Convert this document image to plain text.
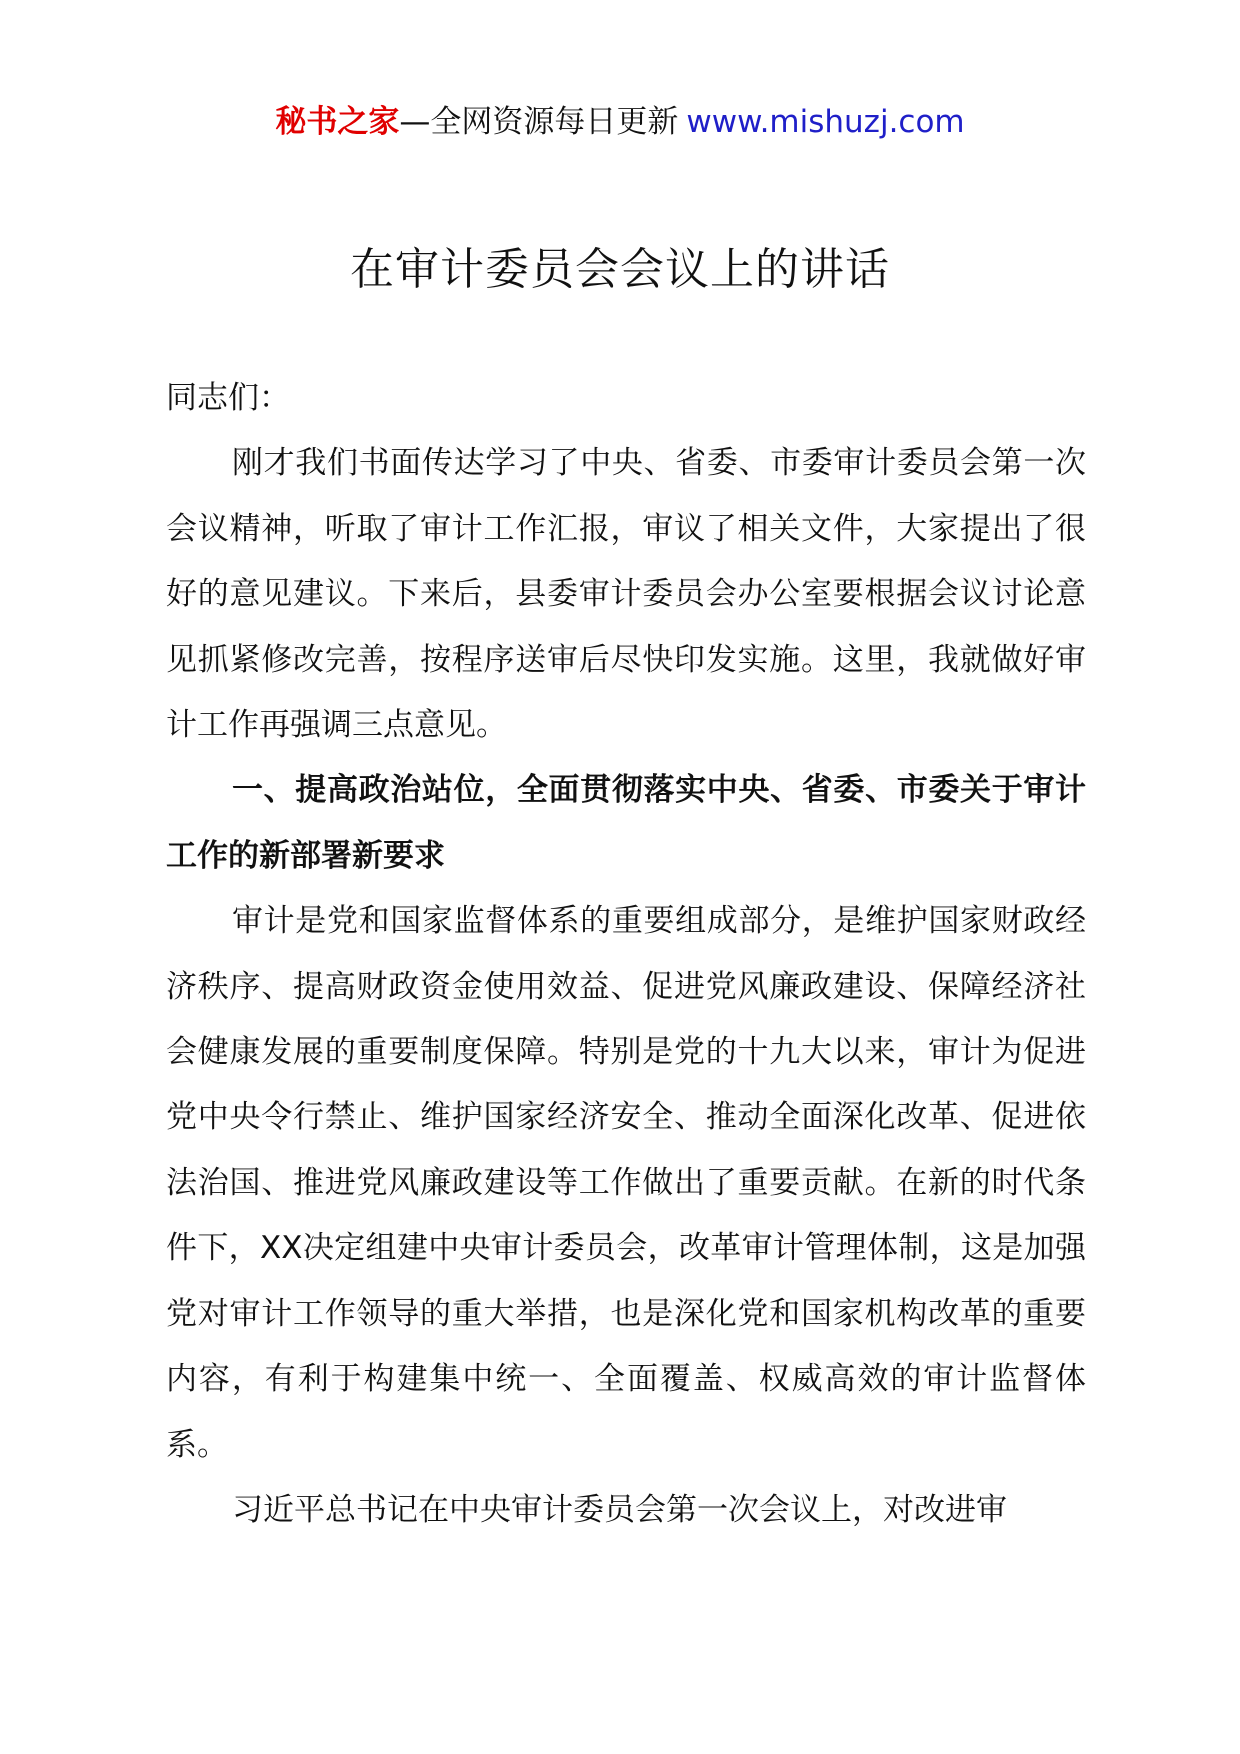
秘书之家—全网资源每日更新 www.mishuzj.com
在审计委员会会议上的讲话

同志们：

刚才我们书面传达学习了中央、省委、市委审计委员会第一次会议精神，听取了审计工作汇报，审议了相关文件，大家提出了很好的意见建议。下来后，县委审计委员会办公室要根据会议讨论意见抓紧修改完善，按程序送审后尽快印发实施。这里，我就做好审计工作再强调三点意见。

一、提高政治站位，全面贯彻落实中央、省委、市委关于审计工作的新部署新要求

审计是党和国家监督体系的重要组成部分，是维护国家财政经济秩序、提高财政资金使用效益、促进党风廉政建设、保障经济社会健康发展的重要制度保障。特别是党的十九大以来，审计为促进党中央令行禁止、维护国家经济安全、推动全面深化改革、促进依法治国、推进党风廉政建设等工作做出了重要贡献。在新的时代条件下，XX决定组建中央审计委员会，改革审计管理体制，这是加强党对审计工作领导的重大举措，也是深化党和国家机构改革的重要内容，有利于构建集中统一、全面覆盖、权威高效的审计监督体系。

习近平总书记在中央审计委员会第一次会议上，对改进审
